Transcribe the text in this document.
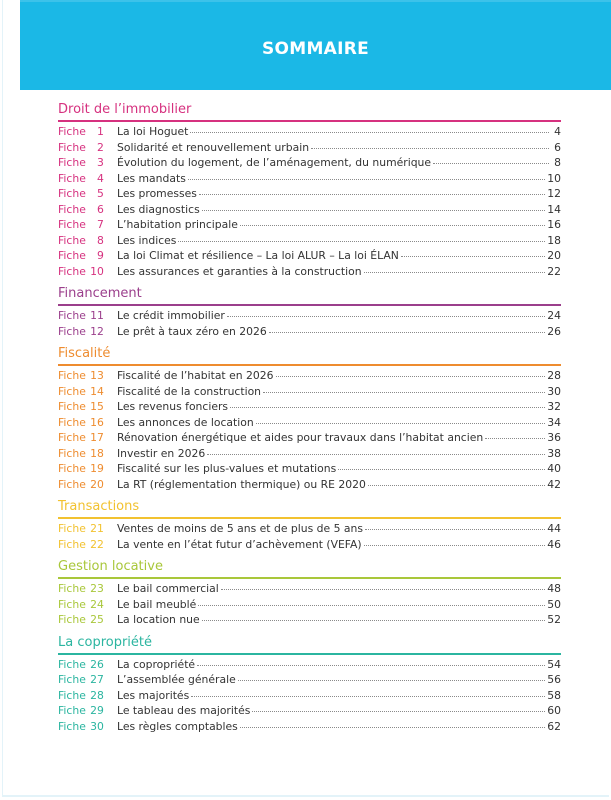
SOMMAIRE
Droit de l’immobilier
Fiche 1	La loi Hoguet	4
Fiche 2	Solidarité et renouvellement urbain	6
Fiche 3	Évolution du logement, de l’aménagement, du numérique	8
Fiche 4	Les mandats	10
Fiche 5	Les promesses	12
Fiche 6	Les diagnostics	14
Fiche 7	L’habitation principale	16
Fiche 8	Les indices	18
Fiche 9	La loi Climat et résilience – La loi ALUR – La loi ÉLAN	20
Fiche 10	Les assurances et garanties à la construction	22
Financement
Fiche 11	Le crédit immobilier	24
Fiche 12	Le prêt à taux zéro en 2026	26
Fiscalité
Fiche 13	Fiscalité de l’habitat en 2026	28
Fiche 14	Fiscalité de la construction	30
Fiche 15	Les revenus fonciers	32
Fiche 16	Les annonces de location	34
Fiche 17	Rénovation énergétique et aides pour travaux dans l’habitat ancien	36
Fiche 18	Investir en 2026	38
Fiche 19	Fiscalité sur les plus-values et mutations	40
Fiche 20	La RT (réglementation thermique) ou RE 2020	42
Transactions
Fiche 21	Ventes de moins de 5 ans et de plus de 5 ans	44
Fiche 22	La vente en l’état futur d’achèvement (VEFA)	46
Gestion locative
Fiche 23	Le bail commercial	48
Fiche 24	Le bail meublé	50
Fiche 25	La location nue	52
La copropriété
Fiche 26	La copropriété	54
Fiche 27	L’assemblée générale	56
Fiche 28	Les majorités	58
Fiche 29	Le tableau des majorités	60
Fiche 30	Les règles comptables	62
